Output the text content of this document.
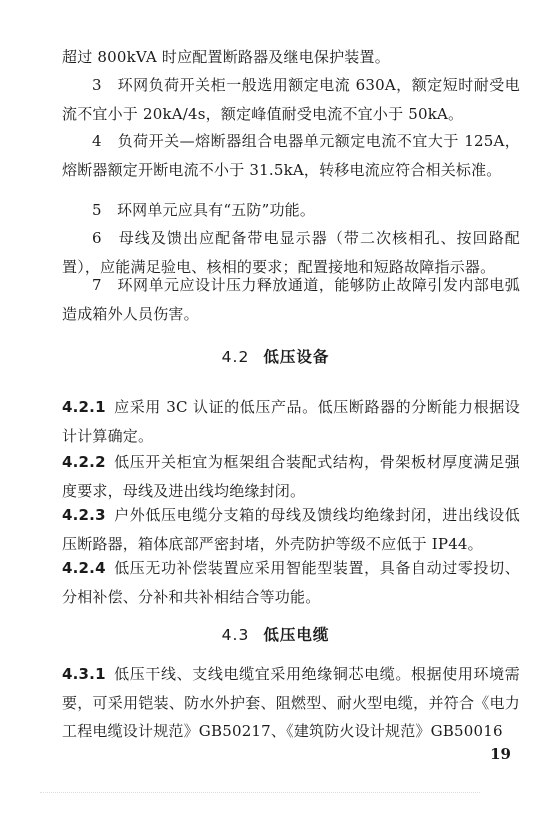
超过 800kVA 时应配置断路器及继电保护装置。

3　环网负荷开关柜一般选用额定电流 630A，额定短时耐受电流不宜小于 20kA/4s，额定峰值耐受电流不宜小于 50kA。

4　负荷开关—熔断器组合电器单元额定电流不宜大于 125A，熔断器额定开断电流不小于 31.5kA，转移电流应符合相关标准。

5　环网单元应具有“五防”功能。

6　母线及馈出应配备带电显示器（带二次核相孔、按回路配置），应能满足验电、核相的要求；配置接地和短路故障指示器。

7　环网单元应设计压力释放通道，能够防止故障引发内部电弧造成箱外人员伤害。

4.2 低压设备

4.2.1 应采用 3C 认证的低压产品。低压断路器的分断能力根据设计计算确定。

4.2.2 低压开关柜宜为框架组合装配式结构，骨架板材厚度满足强度要求，母线及进出线均绝缘封闭。

4.2.3 户外低压电缆分支箱的母线及馈线均绝缘封闭，进出线设低压断路器，箱体底部严密封堵，外壳防护等级不应低于 IP44。

4.2.4 低压无功补偿装置应采用智能型装置，具备自动过零投切、分相补偿、分补和共补相结合等功能。

4.3 低压电缆

4.3.1 低压干线、支线电缆宜采用绝缘铜芯电缆。根据使用环境需要，可采用铠装、防水外护套、阻燃型、耐火型电缆，并符合《电力工程电缆设计规范》GB50217、《建筑防火设计规范》GB50016

19
